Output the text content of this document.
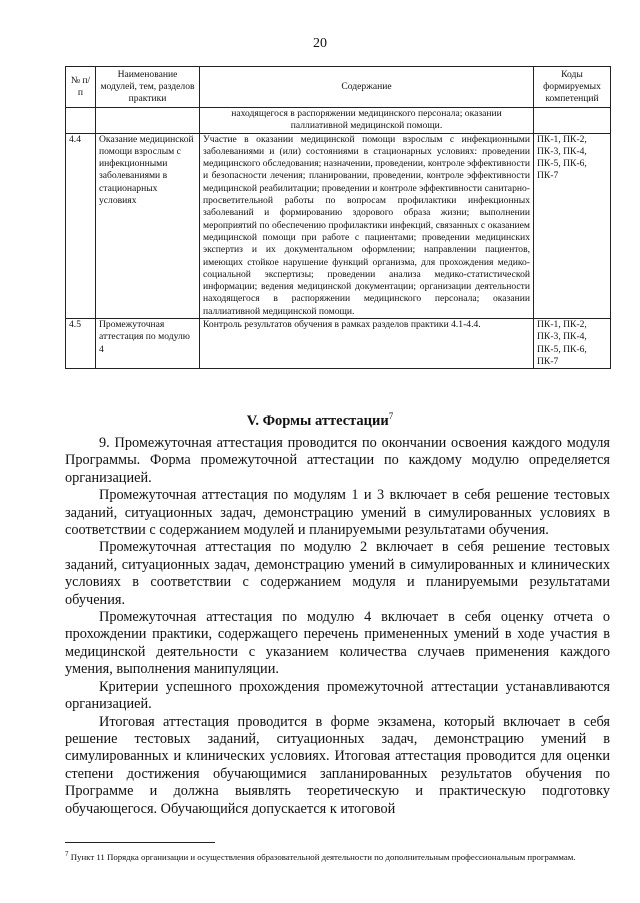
20
№ п/п	Наименование модулей, тем, разделов практики	Содержание	Коды формируемых компетенций
		находящегося в распоряжении медицинского персонала; оказании паллиативной медицинской помощи.	
4.4	Оказание медицинской помощи взрослым с инфекционными заболеваниями в стационарных условиях	Участие в оказании медицинской помощи взрослым с инфекционными заболеваниями и (или) состояниями в стационарных условиях: проведении медицинского обследования; назначении, проведении, контроле эффективности и безопасности лечения; планировании, проведении, контроле эффективности медицинской реабилитации; проведении и контроле эффективности санитарно-просветительной работы по вопросам профилактики инфекционных заболеваний и формированию здорового образа жизни; выполнении мероприятий по обеспечению профилактики инфекций, связанных с оказанием медицинской помощи при работе с пациентами; проведении медицинских экспертиз и их документальном оформлении; направлении пациентов, имеющих стойкое нарушение функций организма, для прохождения медико-социальной экспертизы; проведении анализа медико-статистической информации; ведения медицинской документации; организации деятельности находящегося в распоряжении медицинского персонала; оказании паллиативной медицинской помощи.	ПК-1, ПК-2, ПК-3, ПК-4, ПК-5, ПК-6, ПК-7
4.5	Промежуточная аттестация по модулю 4	Контроль результатов обучения в рамках разделов практики 4.1-4.4.	ПК-1, ПК-2, ПК-3, ПК-4, ПК-5, ПК-6, ПК-7
V. Формы аттестации$^7$

9. Промежуточная аттестация проводится по окончании освоения каждого модуля Программы. Форма промежуточной аттестации по каждому модулю определяется организацией.

Промежуточная аттестация по модулям 1 и 3 включает в себя решение тестовых заданий, ситуационных задач, демонстрацию умений в симулированных условиях в соответствии с содержанием модулей и планируемыми результатами обучения.

Промежуточная аттестация по модулю 2 включает в себя решение тестовых заданий, ситуационных задач, демонстрацию умений в симулированных и клинических условиях в соответствии с содержанием модуля и планируемыми результатами обучения.

Промежуточная аттестация по модулю 4 включает в себя оценку отчета о прохождении практики, содержащего перечень примененных умений в ходе участия в медицинской деятельности с указанием количества случаев применения каждого умения, выполнения манипуляции.

Критерии успешного прохождения промежуточной аттестации устанавливаются организацией.

Итоговая аттестация проводится в форме экзамена, который включает в себя решение тестовых заданий, ситуационных задач, демонстрацию умений в симулированных и клинических условиях. Итоговая аттестация проводится для оценки степени достижения обучающимися запланированных результатов обучения по Программе и должна выявлять теоретическую и практическую подготовку обучающегося. Обучающийся допускается к итоговой

$^7$ Пункт 11 Порядка организации и осуществления образовательной деятельности по дополнительным профессиональным программам.
